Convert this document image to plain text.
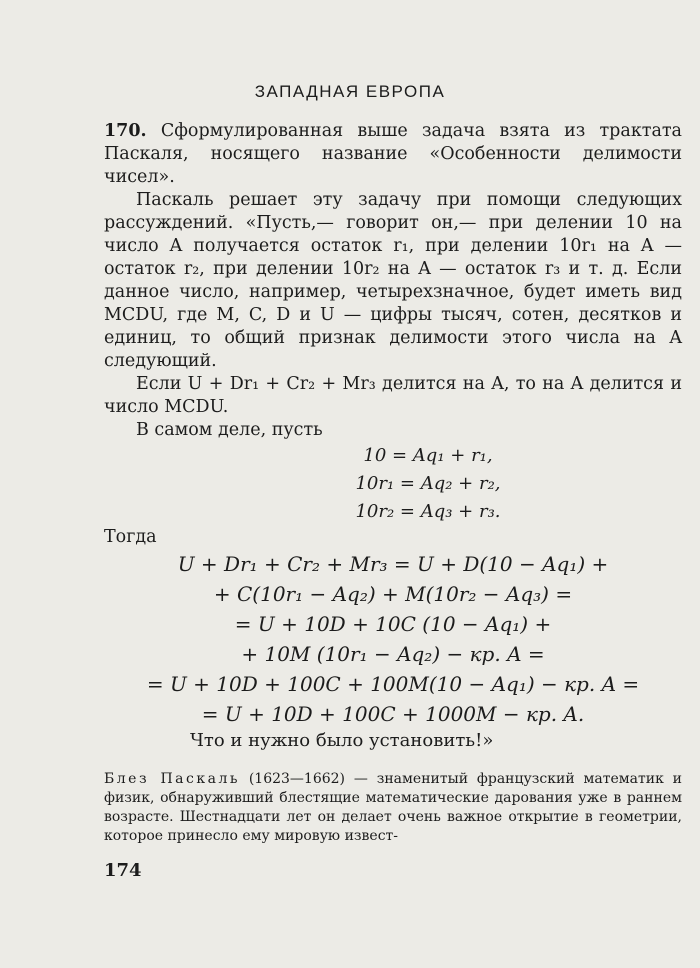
ЗАПАДНАЯ ЕВРОПА

170. Сформулированная выше задача взята из трактата Паскаля, носящего название «Особенности делимости чисел».

Паскаль решает эту задачу при помощи следующих рассуждений. «Пусть,— говорит он,— при делении 10 на число A получается остаток r₁, при делении 10r₁ на A — остаток r₂, при делении 10r₂ на A — остаток r₃ и т. д. Если данное число, например, четырехзначное, будет иметь вид MCDU, где M, C, D и U — цифры тысяч, сотен, десятков и единиц, то общий признак делимости этого числа на A следующий.

Если U + Dr₁ + Cr₂ + Mr₃ делится на A, то на A делится и число MCDU.

В самом деле, пусть

10 = Aq₁ + r₁,
10r₁ = Aq₂ + r₂,
10r₂ = Aq₃ + r₃.

Тогда

U + Dr₁ + Cr₂ + Mr₃ = U + D(10 − Aq₁) +
+ C(10r₁ − Aq₂) + M(10r₂ − Aq₃) =
= U + 10D + 10C (10 − Aq₁) +
+ 10M (10r₁ − Aq₂) − кр. A =
= U + 10D + 100C + 100M(10 − Aq₁) − кр. A =
= U + 10D + 100C + 1000M − кр. A.
Что и нужно было установить!»
Блез Паскаль (1623—1662) — знаменитый французский математик и физик, обнаруживший блестящие математические дарования уже в раннем возрасте. Шестнадцати лет он делает очень важное открытие в геометрии, которое принесло ему мировую извест-
174
